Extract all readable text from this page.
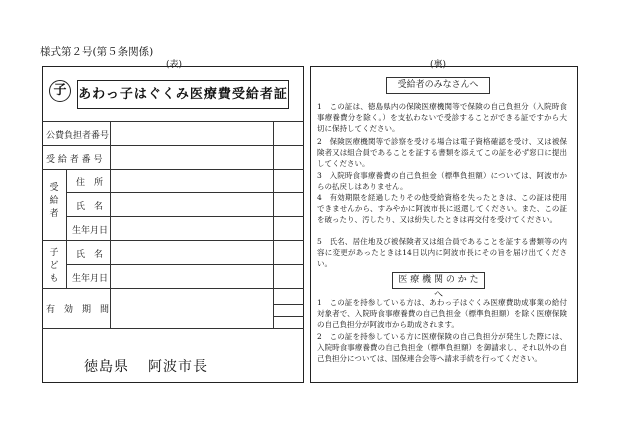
様式第２号(第５条関係)
(表)	(裏)
子 あわっ子はぐくみ医療費受給者証
公費負担者番号
受 給 者 番 号
受給者
住　所
氏　名
生年月日
子ども
氏　名
生年月日
有　効　期　間
徳島県 阿波市長
受給者のみなさんへ
1　この証は、徳島県内の保険医療機関等で保険の自己負担分（入院時食事療養費分を除く。）を支払わないで受診することができる証ですから大切に保持してください。
2　保険医療機関等で診察を受ける場合は電子資格確認を受け、又は被保険者又は組合員であることを証する書類を添えてこの証を必ず窓口に提出してください。
3　入院時食事療養費の自己負担金（標準負担額）については、阿波市からの払戻しはありません。
4　有効期限を経過したりその他受給資格を失ったときは、この証は使用できませんから、すみやかに阿波市長に返還してください。また、この証を破ったり、汚したり、又は紛失したときは再交付を受けてください。
5　氏名、居住地及び被保険者又は組合員であることを証する書類等の内容に変更があったときは14日以内に阿波市長にその旨を届け出てください。
医 療 機 関 の か た へ
1　この証を持参している方は、あわっ子はぐくみ医療費助成事業の給付対象者で、入院時食事療養費の自己負担金（標準負担額）を除く医療保険の自己負担分が阿波市から助成されます。
2　この証を持参している方に医療保険の自己負担分が発生した際には、入院時食事療養費の自己負担金（標準負担額）を御請求し、それ以外の自己負担分については、国保連合会等へ請求手続を行ってください。
